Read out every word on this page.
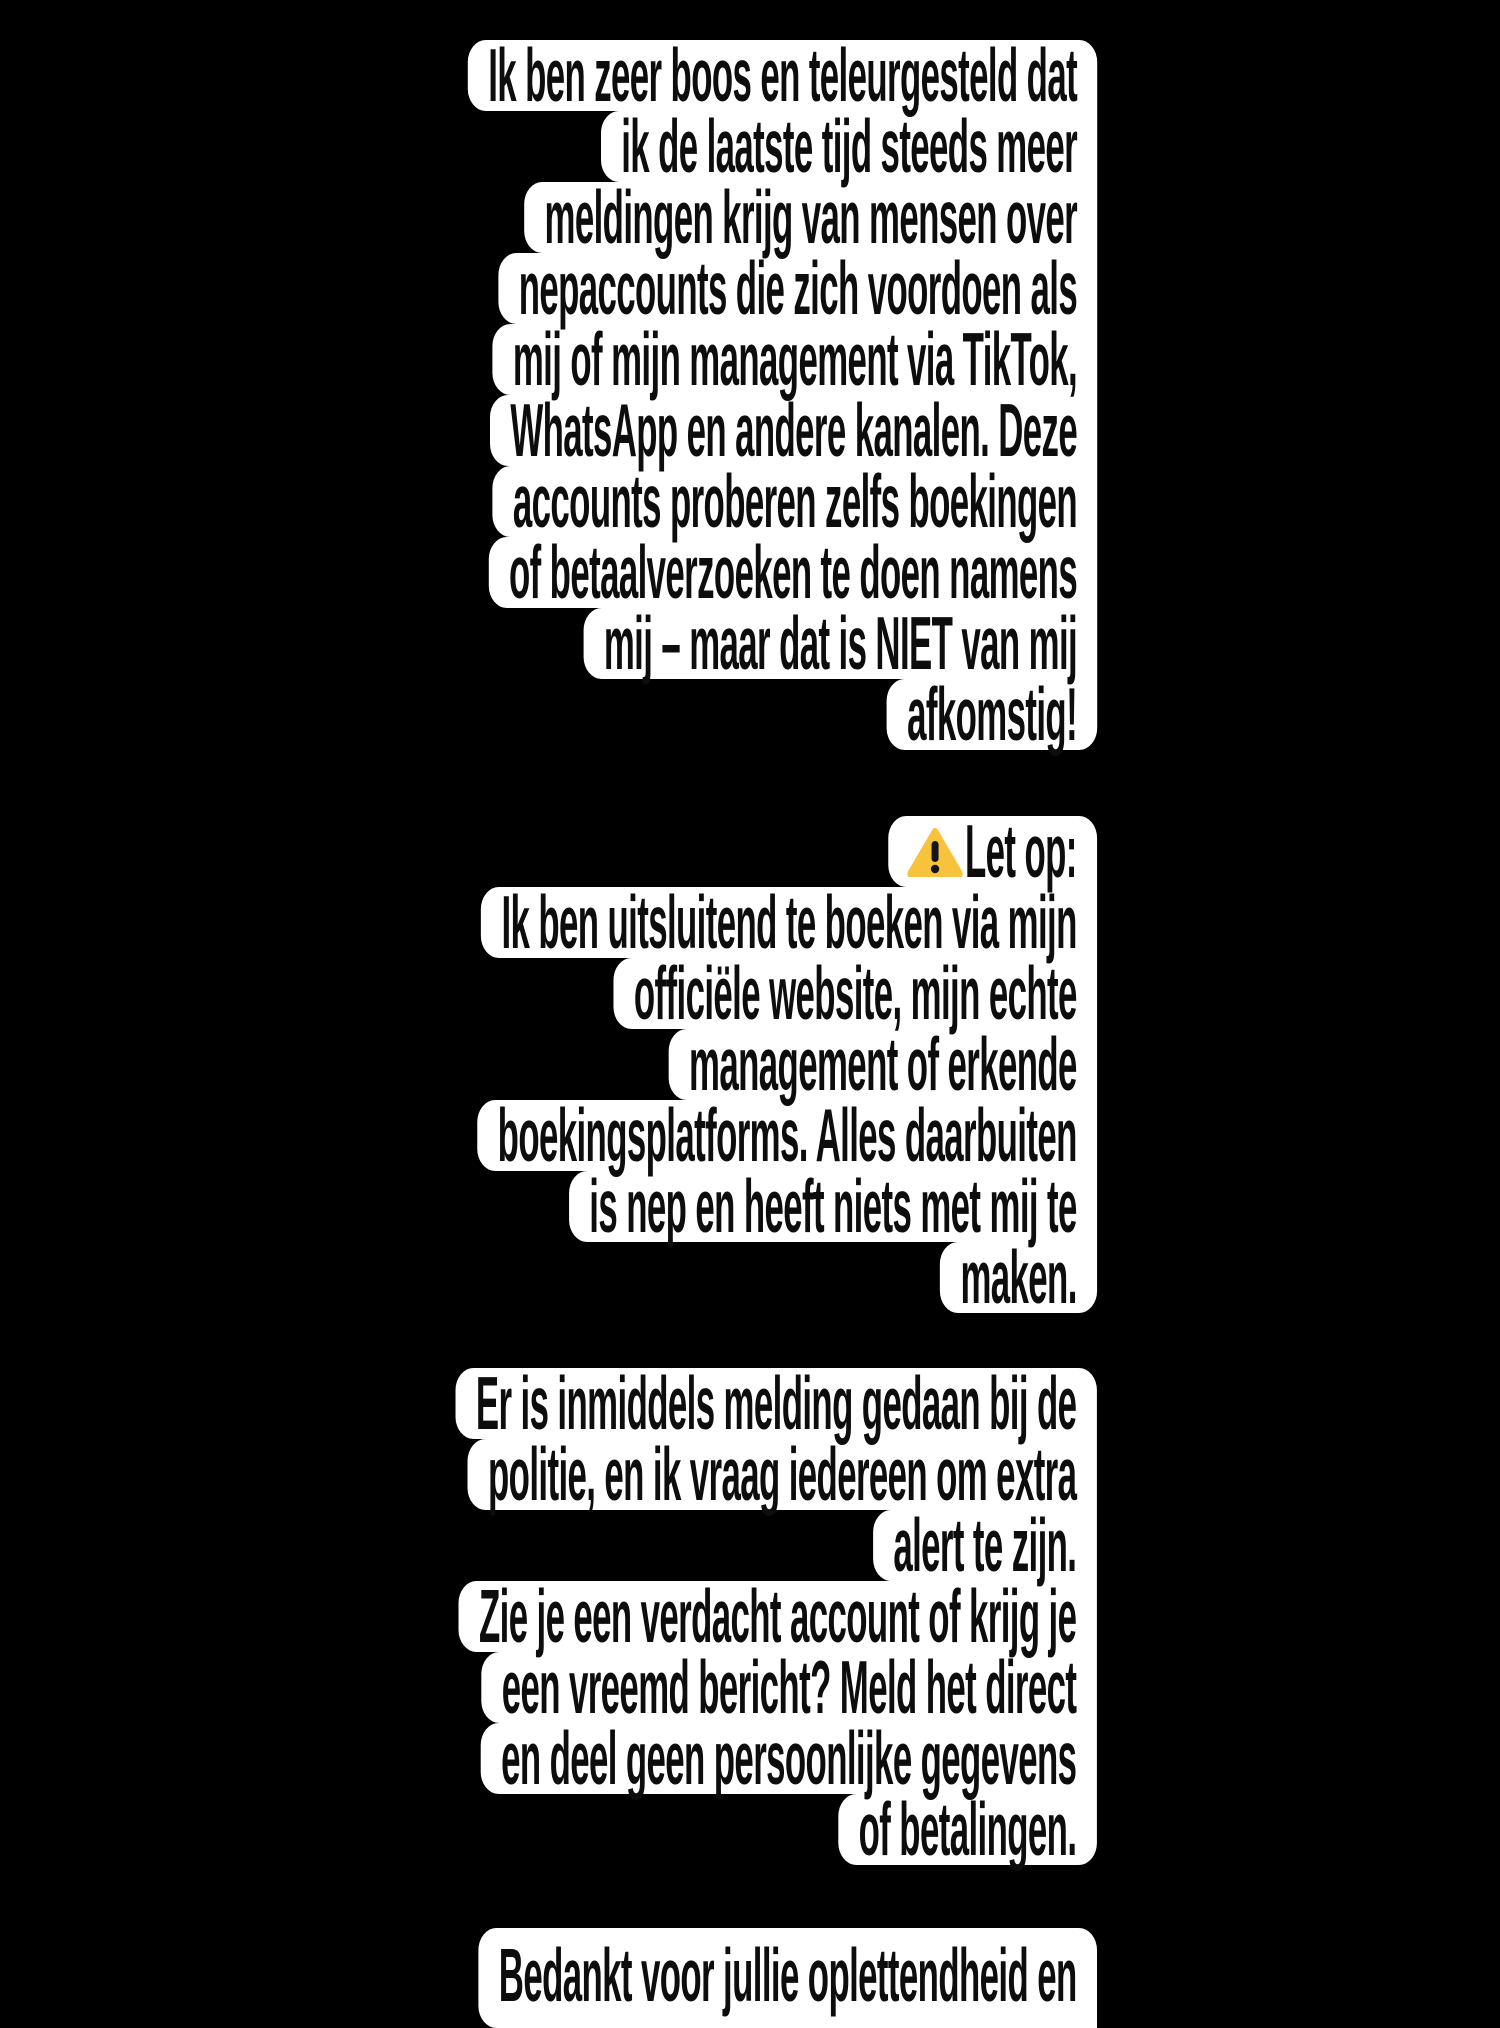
Ik ben zeer boos en teleurgesteld dat
ik de laatste tijd steeds meer
meldingen krijg van mensen over
nepaccounts die zich voordoen als
mij of mijn management via TikTok,
WhatsApp en andere kanalen. Deze
accounts proberen zelfs boekingen
of betaalverzoeken te doen namens
mij – maar dat is NIET van mij
afkomstig!
Let op:
Ik ben uitsluitend te boeken via mijn
officiële website, mijn echte
management of erkende
boekingsplatforms. Alles daarbuiten
is nep en heeft niets met mij te
maken.
Er is inmiddels melding gedaan bij de
politie, en ik vraag iedereen om extra
alert te zijn.
Zie je een verdacht account of krijg je
een vreemd bericht? Meld het direct
en deel geen persoonlijke gegevens
of betalingen.
Bedankt voor jullie oplettendheid en
